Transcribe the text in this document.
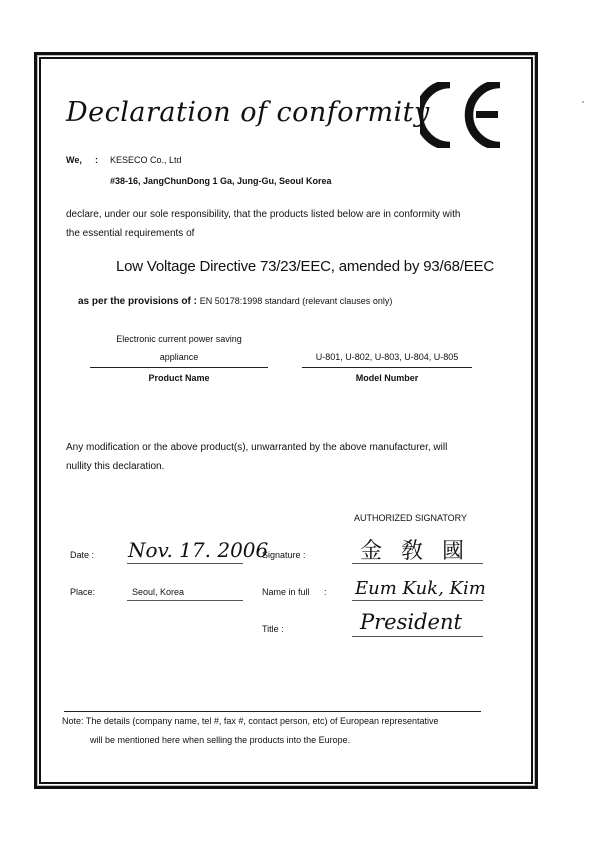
Declaration of conformity
We, : KESECO Co., Ltd
#38-16, JangChunDong 1 Ga, Jung-Gu, Seoul Korea
declare, under our sole responsibility, that the products listed below are in conformity with
the essential requirements of
Low Voltage Directive 73/23/EEC, amended by 93/68/EEC
as per the provisions of : EN 50178:1998 standard (relevant clauses only)
Electronic current power saving
appliance
Product Name
U-801, U-802, U-803, U-804, U-805
Model Number
Any modification or the above product(s), unwarranted by the above manufacturer, will
nullity this declaration.
AUTHORIZED SIGNATORY
Date : Nov. 17. 2006
Place:	Seoul, Korea
Signature : 金 敎 國
Name in full : Eum Kuk, Kim
Title :	President
Note: The details (company name, tel #, fax #, contact person, etc) of European representative
will be mentioned here when selling the products into the Europe.
